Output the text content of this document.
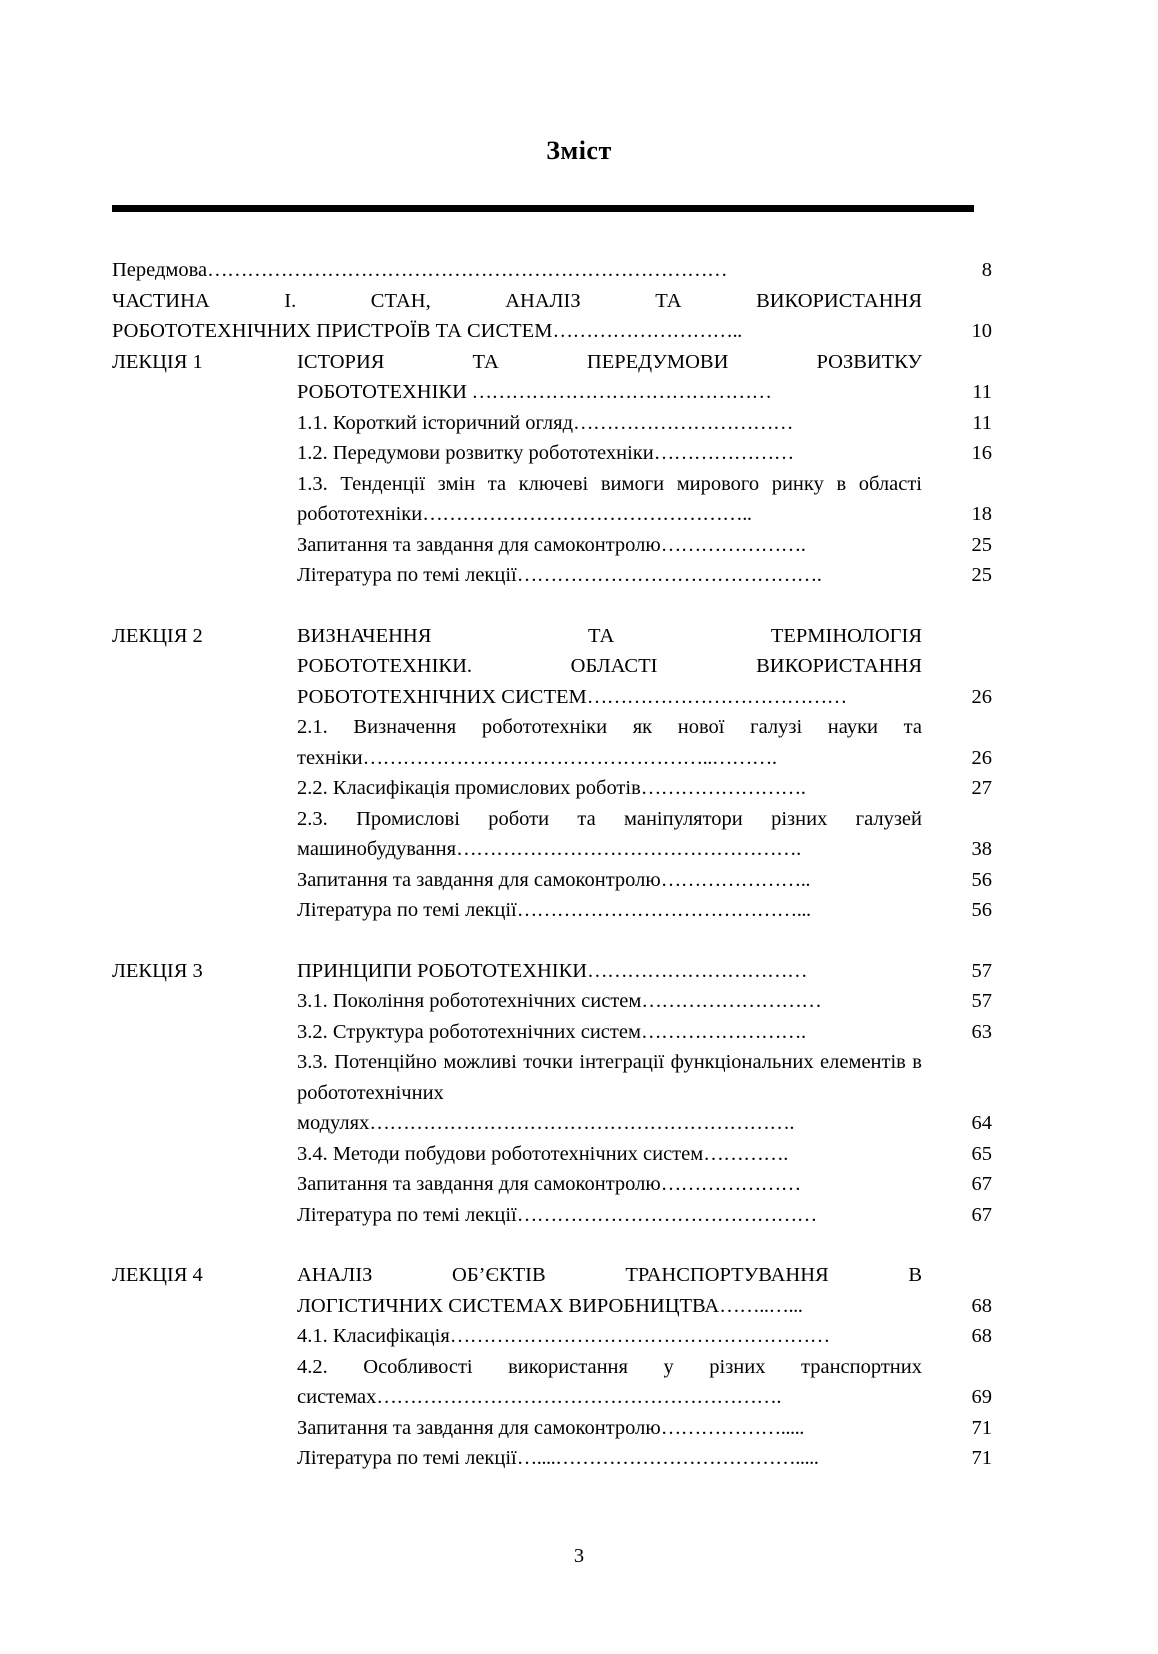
Зміст

Передмова……………………………………………………………………	8

ЧАСТИНА I. СТАН, АНАЛІЗ ТА ВИКОРИСТАННЯ

РОБОТОТЕХНІЧНИХ ПРИСТРОЇВ ТА СИСТЕМ………………………..	10
ЛЕКЦІЯ 1	ІСТОРИЯ ТА ПЕРЕДУМОВИ РОЗВИТКУ

РОБОТОТЕХНІКИ ………………………………………	11

1.1. Короткий історичний огляд……………………………	11

1.2. Передумови розвитку робототехніки…………………	16

1.3. Тенденції змін та ключеві вимоги мирового ринку в області робототехніки…………………………………………..	18

Запитання та завдання для самоконтролю………………….	25

Література по темі лекції……………………………………….	25
ЛЕКЦІЯ 2	ВИЗНАЧЕННЯ ТА ТЕРМІНОЛОГІЯ

РОБОТОТЕХНІКИ. ОБЛАСТІ ВИКОРИСТАННЯ

РОБОТОТЕХНІЧНИХ СИСТЕМ…………………………………	26

2.1. Визначення робототехніки як нової галузі науки та техніки……………………………………………..……….	26

2.2. Класифікація промислових роботів…………………….	27

2.3. Промислові роботи та маніпулятори різних галузей машинобудування…………………………………………….	38

Запитання та завдання для самоконтролю…………………..	56

Література по темі лекції……………………………………...	56
ЛЕКЦІЯ 3	ПРИНЦИПИ РОБОТОТЕХНІКИ……………………………	57

3.1. Покоління робототехнічних систем………………………	57

3.2. Структура робототехнічних систем…………………….	63

3.3. Потенційно можливі точки інтеграції функціональних елементів в робототехнічних модулях……………………………………………………….	64

3.4. Методи побудови робототехнічних систем………….	65

Запитання та завдання для самоконтролю…………………	67

Література по темі лекції………………………………………	67
ЛЕКЦІЯ 4	АНАЛІЗ ОБ’ЄКТІВ ТРАНСПОРТУВАННЯ В

ЛОГІСТИЧНИХ СИСТЕМАХ ВИРОБНИЦТВА……..…...	68

4.1. Класифікація…………………………………………………	68

4.2. Особливості використання у різних транспортних системах…………………………………………………….	69

Запитання та завдання для самоконтролю……………….....	71

Література по темі лекції…....……………………………….....	71
3
